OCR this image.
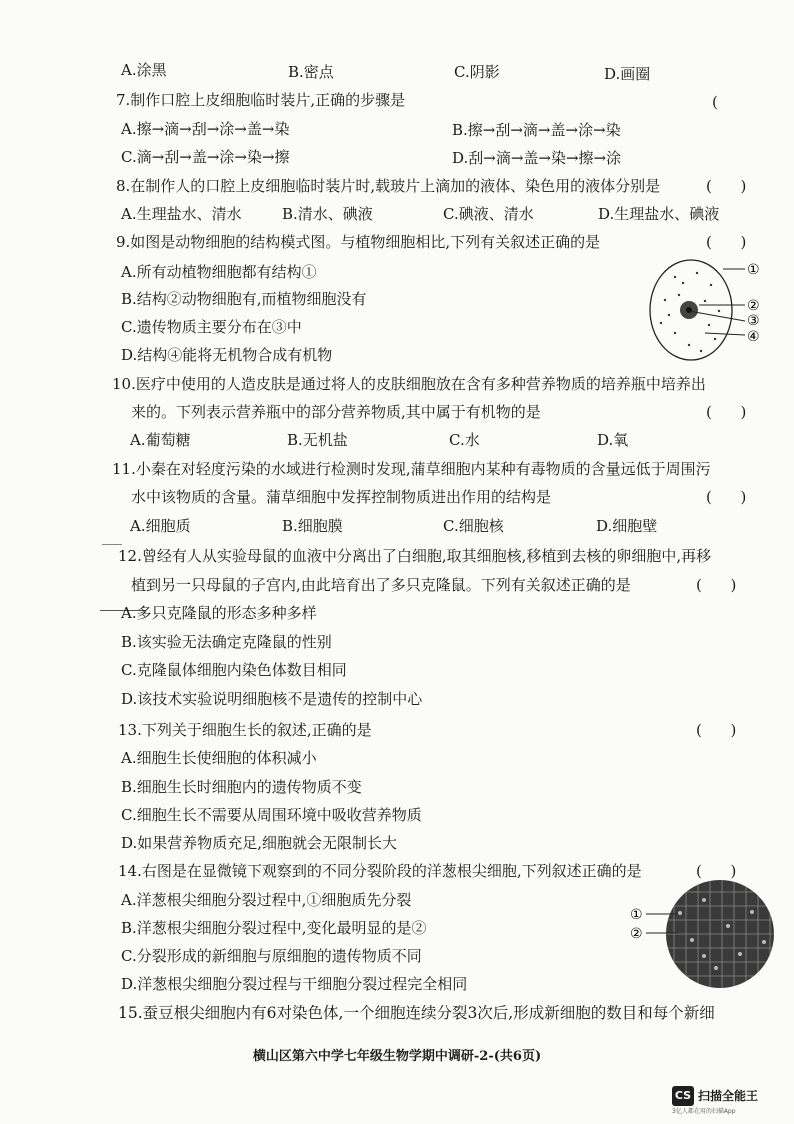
A.涂黑	B.密点	C.阴影	D.画圈
7.制作口腔上皮细胞临时装片,正确的步骤是	(
A.擦→滴→刮→涂→盖→染	B.擦→刮→滴→盖→涂→染
C.滴→刮→盖→涂→染→擦	D.刮→滴→盖→染→擦→涂
8.在制作人的口腔上皮细胞临时装片时,载玻片上滴加的液体、染色用的液体分别是	(      )
A.生理盐水、清水	B.清水、碘液	C.碘液、清水	D.生理盐水、碘液
9.如图是动物细胞的结构模式图。与植物细胞相比,下列有关叙述正确的是	(      )
A.所有动植物细胞都有结构①
B.结构②动物细胞有,而植物细胞没有
C.遗传物质主要分布在③中
D.结构④能将无机物合成有机物
①
②
③
④
10.医疗中使用的人造皮肤是通过将人的皮肤细胞放在含有多种营养物质的培养瓶中培养出
来的。下列表示营养瓶中的部分营养物质,其中属于有机物的是	(      )
A.葡萄糖	B.无机盐	C.水	D.氧
11.小秦在对轻度污染的水域进行检测时发现,蒲草细胞内某种有毒物质的含量远低于周围污
水中该物质的含量。蒲草细胞中发挥控制物质进出作用的结构是	(      )
A.细胞质	B.细胞膜	C.细胞核	D.细胞壁
12.曾经有人从实验母鼠的血液中分离出了白细胞,取其细胞核,移植到去核的卵细胞中,再移
植到另一只母鼠的子宫内,由此培育出了多只克隆鼠。下列有关叙述正确的是	(      )
A.多只克隆鼠的形态多种多样
B.该实验无法确定克隆鼠的性别
C.克隆鼠体细胞内染色体数目相同
D.该技术实验说明细胞核不是遗传的控制中心
13.下列关于细胞生长的叙述,正确的是	(      )
A.细胞生长使细胞的体积减小
B.细胞生长时细胞内的遗传物质不变
C.细胞生长不需要从周围环境中吸收营养物质
D.如果营养物质充足,细胞就会无限制长大
14.右图是在显微镜下观察到的不同分裂阶段的洋葱根尖细胞,下列叙述正确的是	(      )
A.洋葱根尖细胞分裂过程中,①细胞质先分裂
B.洋葱根尖细胞分裂过程中,变化最明显的是②
C.分裂形成的新细胞与原细胞的遗传物质不同
D.洋葱根尖细胞分裂过程与干细胞分裂过程完全相同
①
②
15.蚕豆根尖细胞内有6对染色体,一个细胞连续分裂3次后,形成新细胞的数目和每个新细
横山区第六中学七年级生物学期中调研-2-(共6页)
CS 扫描全能王
3亿人都在用的扫描App
